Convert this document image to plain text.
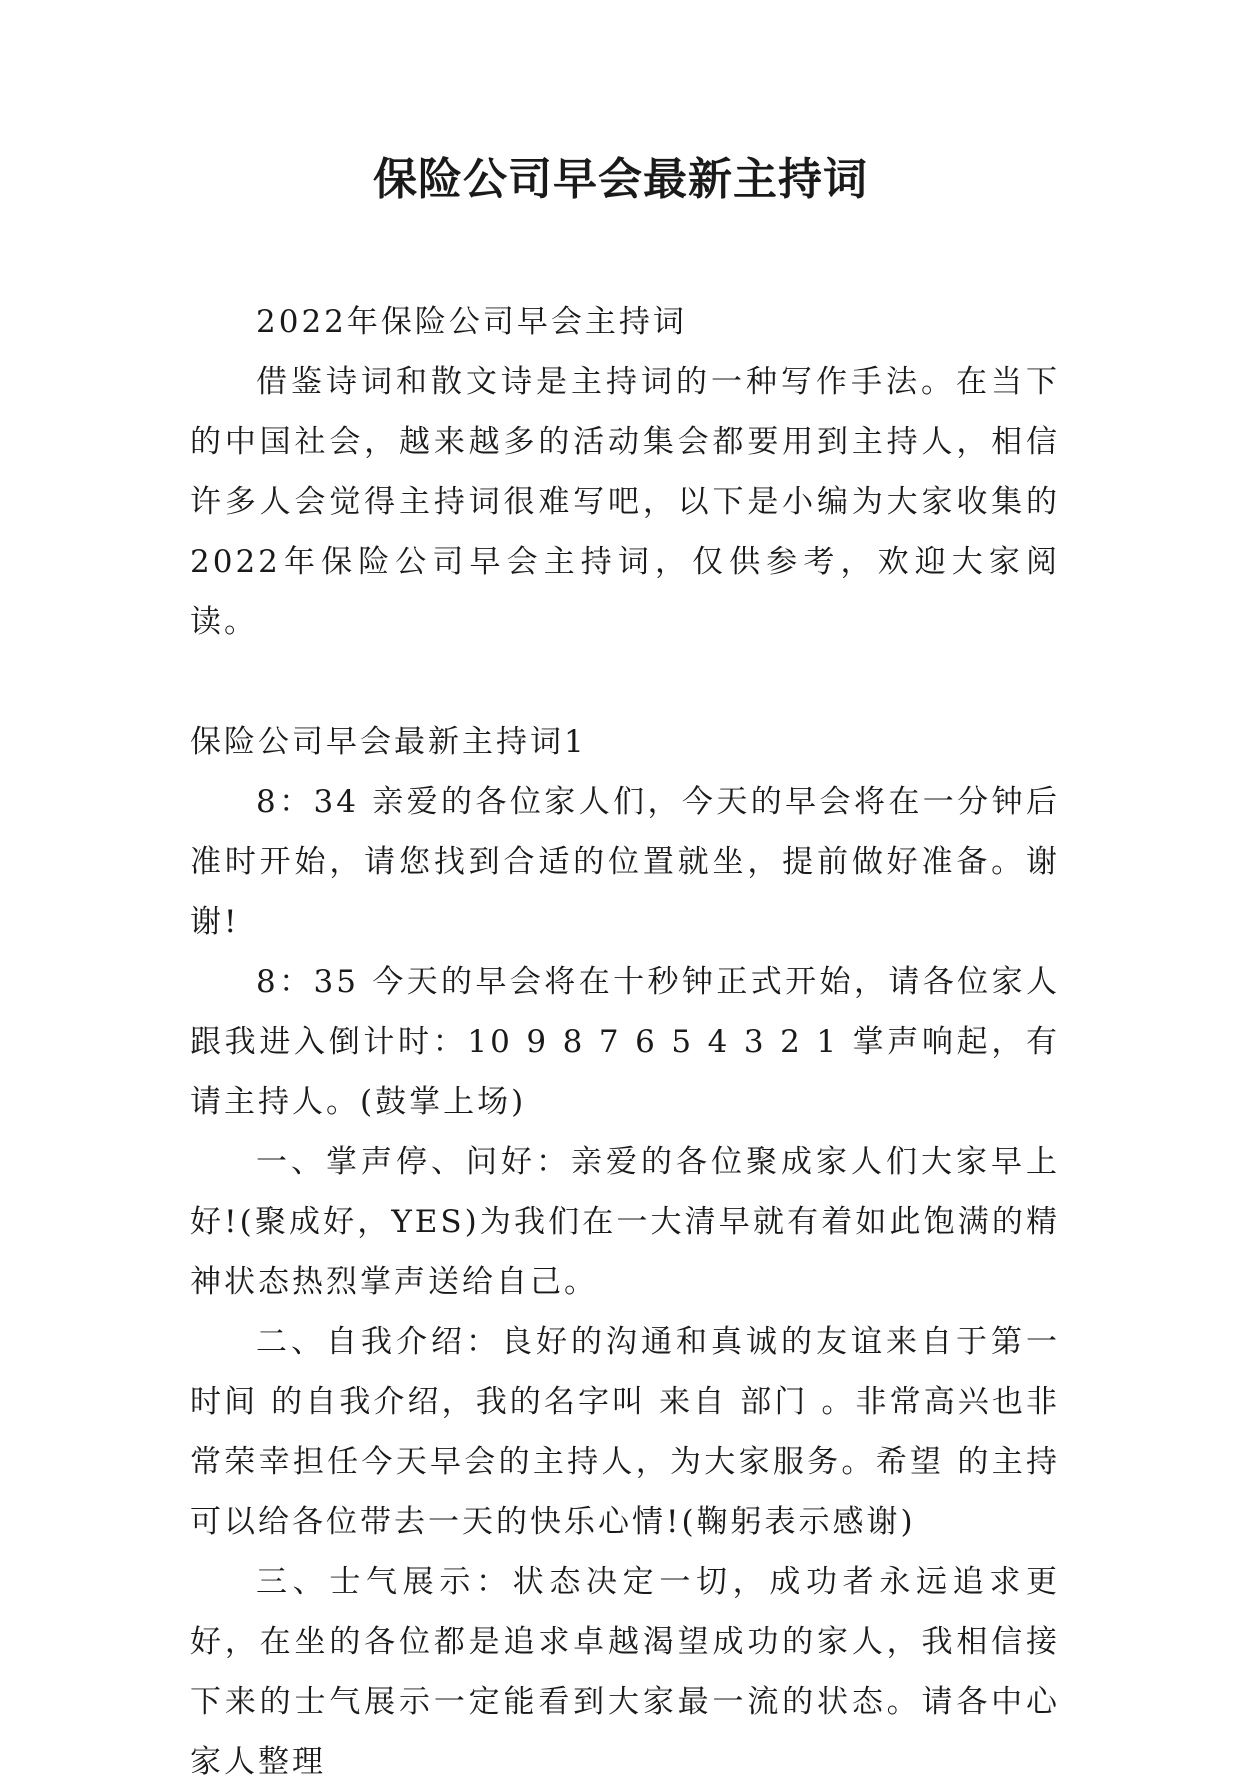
保险公司早会最新主持词

2022年保险公司早会主持词

借鉴诗词和散文诗是主持词的一种写作手法。在当下的中国社会，越来越多的活动集会都要用到主持人，相信许多人会觉得主持词很难写吧，以下是小编为大家收集的2022年保险公司早会主持词，仅供参考，欢迎大家阅读。

保险公司早会最新主持词1

8：34 亲爱的各位家人们，今天的早会将在一分钟后准时开始，请您找到合适的位置就坐，提前做好准备。谢谢!

8：35 今天的早会将在十秒钟正式开始，请各位家人跟我进入倒计时：10 9 8 7 6 5 4 3 2 1 掌声响起，有请主持人。(鼓掌上场)

一、掌声停、问好：亲爱的各位聚成家人们大家早上好!(聚成好，YES)为我们在一大清早就有着如此饱满的精神状态热烈掌声送给自己。

二、自我介绍：良好的沟通和真诚的友谊来自于第一时间 的自我介绍，我的名字叫 来自 部门 。非常高兴也非常荣幸担任今天早会的主持人，为大家服务。希望 的主持可以给各位带去一天的快乐心情!(鞠躬表示感谢)

三、士气展示：状态决定一切，成功者永远追求更好，在坐的各位都是追求卓越渴望成功的家人，我相信接下来的士气展示一定能看到大家最一流的状态。请各中心家人整理
